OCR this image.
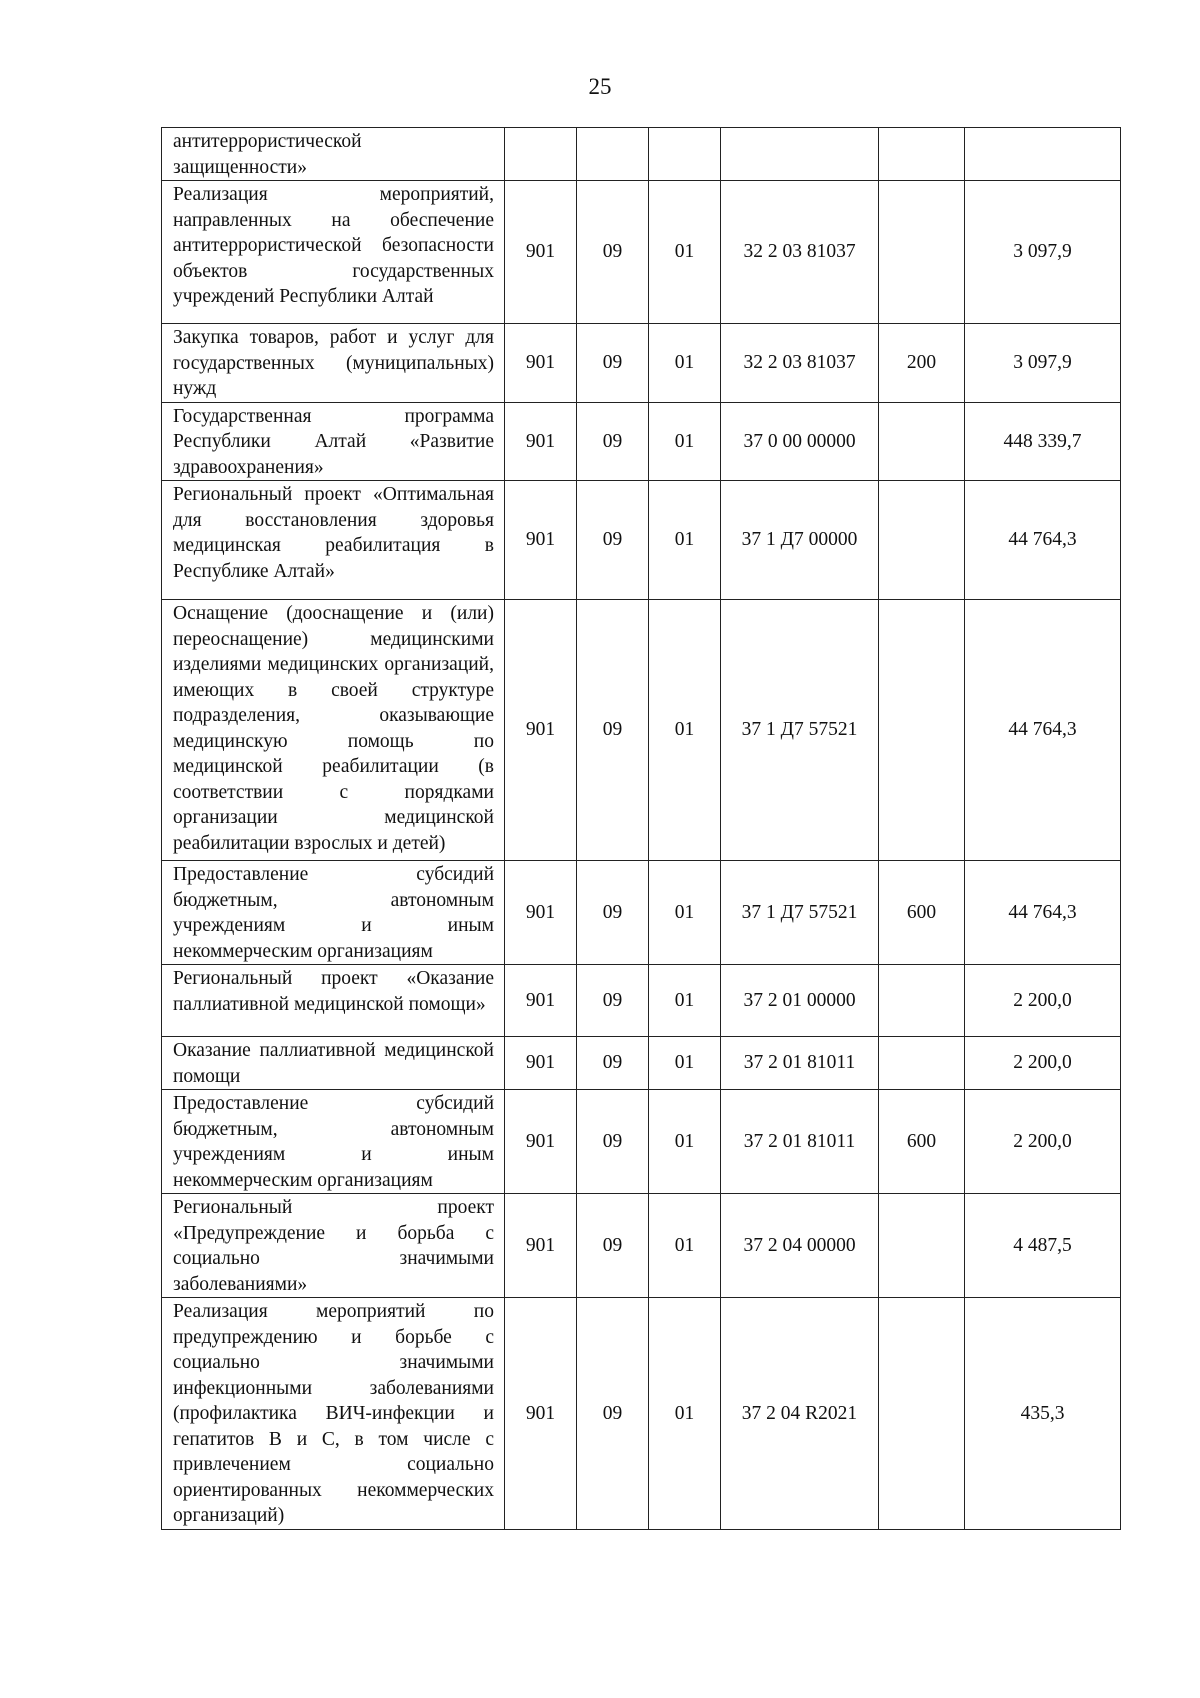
25
антитеррористической защищенности»						
Реализация мероприятий, направленных на обеспечение антитеррористической безопасности объектов государственных учреждений Республики Алтай	901	09	01	32 2 03 81037		3 097,9
Закупка товаров, работ и услуг для государственных (муниципальных) нужд	901	09	01	32 2 03 81037	200	3 097,9
Государственная программа Республики Алтай «Развитие здравоохранения»	901	09	01	37 0 00 00000		448 339,7
Региональный проект «Оптимальная для восстановления здоровья медицинская реабилитация в Республике Алтай»	901	09	01	37 1 Д7 00000		44 764,3
Оснащение (дооснащение и (или) переоснащение) медицинскими изделиями медицинских организаций, имеющих в своей структуре подразделения, оказывающие медицинскую помощь по медицинской реабилитации (в соответствии с порядками организации медицинской реабилитации взрослых и детей)	901	09	01	37 1 Д7 57521		44 764,3
Предоставление субсидий бюджетным, автономным учреждениям и иным некоммерческим организациям	901	09	01	37 1 Д7 57521	600	44 764,3
Региональный проект «Оказание паллиативной медицинской помощи»	901	09	01	37 2 01 00000		2 200,0
Оказание паллиативной медицинской помощи	901	09	01	37 2 01 81011		2 200,0
Предоставление субсидий бюджетным, автономным учреждениям и иным некоммерческим организациям	901	09	01	37 2 01 81011	600	2 200,0
Региональный проект «Предупреждение и борьба с социально значимыми заболеваниями»	901	09	01	37 2 04 00000		4 487,5
Реализация мероприятий по предупреждению и борьбе с социально значимыми инфекционными заболеваниями (профилактика ВИЧ-инфекции и гепатитов B и C, в том числе с привлечением социально ориентированных некоммерческих организаций)	901	09	01	37 2 04 R2021		435,3
